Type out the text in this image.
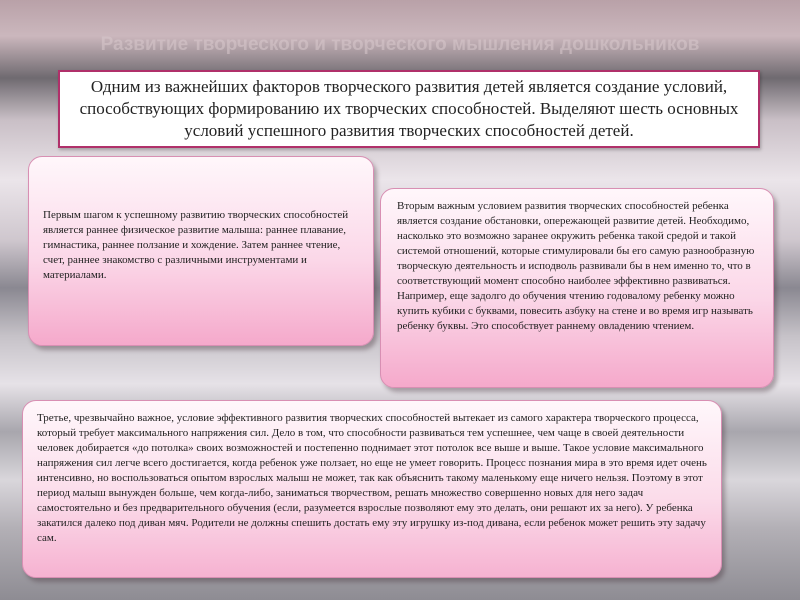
Развитие творческого и творческого мышления дошкольников
Одним из важнейших факторов творческого развития детей является создание условий, способствующих формированию их творческих способностей. Выделяют шесть основных условий успешного развития творческих способностей детей.
Первым шагом к успешному развитию творческих способностей является раннее физическое развитие малыша: раннее плавание, гимнастика, раннее ползание и хождение. Затем раннее чтение, счет, раннее знакомство с различными инструментами и материалами.
Вторым важным условием развития творческих способностей ребенка является создание обстановки, опережающей развитие детей. Необходимо, насколько это возможно заранее окружить ребенка такой средой и такой системой отношений, которые стимулировали бы его самую разнообразную творческую деятельность и исподволь развивали бы в нем именно то, что в соответствующий момент способно наиболее эффективно развиваться. Например, еще задолго до обучения чтению годовалому ребенку можно купить кубики с буквами, повесить азбуку на стене и во время игр называть ребенку буквы. Это способствует раннему овладению чтением.
Третье, чрезвычайно важное, условие эффективного развития творческих способностей вытекает из самого характера творческого процесса, который требует максимального напряжения сил. Дело в том, что способности развиваться тем успешнее, чем чаще в своей деятельности человек добирается «до потолка» своих возможностей и постепенно поднимает этот потолок все выше и выше. Такое условие максимального напряжения сил легче всего достигается, когда ребенок уже ползает, но еще не умеет говорить. Процесс познания мира в это время идет очень интенсивно, но воспользоваться опытом взрослых малыш не может, так как объяснить такому маленькому еще ничего нельзя. Поэтому в этот период малыш вынужден больше, чем когда-либо, заниматься творчеством, решать множество совершенно новых для него задач самостоятельно и без предварительного обучения (если, разумеется взрослые позволяют ему это делать, они решают их за него). У ребенка закатился далеко под диван мяч. Родители не должны спешить достать ему эту игрушку из-под дивана, если ребенок может решить эту задачу сам.
